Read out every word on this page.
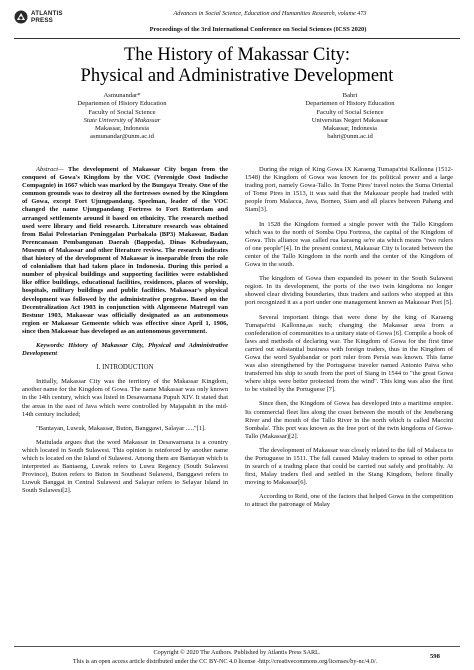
ATLANTIS
PRESS
Advances in Social Science, Education and Humanities Research, volume 473
Proceedings of the 3rd International Conference on Social Sciences (ICSS 2020)
The History of Makassar City:
Physical and Administrative Development
Asmunandar*
Departemen of History Education
Faculty of Social Science
State University of Makassar
Makassar, Indonesia
asmunandar@unm.ac.id
Bahri
Departemen of History Education
Faculty of Social Science
Universitas Negeri Makassar
Makassar, Indonesia
bahri@unm.ac.id

Abstract— The development of Makassar City began from the conquest of Gowa's Kingdom by the VOC (Verenigde Oost Indische Compagnie) in 1667 which was marked by the Bungaya Treaty. One of the common grounds was to destroy all the fortresses owned by the Kingdom of Gowa, except Fort Ujungpandang. Speelman, leader of the VOC changed the name Ujungpandang Fortress to Fort Rotterdam and arranged settlements around it based on ethnicity. The research method used were library and field research. Literature research was obtained from Balai Pelestarian Peninggalan Purbakala (BP3) Makassar, Badan Perencanaan Pembangunan Daerah (Bappeda), Dinas Kebudayaan, Museum of Makassar and other literature review. The research indicates that history of the development of Makassar is inseparable from the role of colonialism that had taken place in Indonesia. During this period a number of physical buildings and supporting facilities were established like office buildings, educational facilities, residences, places of worship, hospitals, military buildings and public facilities. Makassar's physical development was followed by the administrative progress. Based on the Decentralization Act 1903 in conjunction with Algemeene Matregel van Bestuur 1903, Makassar was officially designated as an autonomous region or Makassar Gemeente which was effective since April 1, 1906, since then Makassar has developed as an autonomous government.

Keywords: History of Makassar City, Physical and Administrative Development

I. INTRODUCTION

Initially, Makassar City was the territory of the Makassar Kingdom, another name for the Kingdom of Gowa. The name Makassar was only known in the 14th century, which was listed in Desawarnana Pupuh XIV. It stated that the areas in the east of Java which were controlled by Majapahit in the mid-14th century included;

"Bantayan, Luwuk, Makassar, Buton, Banggawi, Salayar ....."[1].

Mattulada argues that the word Makassar in Desawarnana is a country which located in South Sulawesi. This opinion is reinforced by another name which is located on the Island of Sulawesi. Among them are Bantayan which is interpreted as Bantaeng, Luwuk refers to Luwu Regency (South Sulawesi Province), Buton refers to Buton in Southeast Sulawesi, Banggawi refers to Luwuk Banggai in Central Sulawesi and Salayar refers to Selayar Island in South Sulawesi[2].

During the reign of King Gowa IX Karaeng Tumapa'risi Kallonna (1512-1548) the Kingdom of Gowa was known for its political power and a large trading port, namely Gowa-Tallo. In Tome Pires' travel notes the Suma Oriental of Tome Pires in 1513, it was said that the Makassar people had traded with people from Malacca, Java, Borneo, Siam and all places between Pahang and Siam[3].

In 1528 the Kingdom formed a single power with the Tallo Kingdom which was to the north of Somba Opu Fortress, the capital of the Kingdom of Gowa. This alliance was called rua karaeng se're ata which means "two rulers of one people"[4]. In the present context, Makassar City is located between the center of the Tallo Kingdom in the north and the center of the Kingdom of Gowa in the south.

The kingdom of Gowa then expanded its power in the South Sulawesi region. In its development, the ports of the two twin kingdoms no longer showed clear dividing boundaries, thus traders and sailors who stopped at this port recognized it as a port under one management known as Makassar Port [5].

Several important things that were done by the king of Karaeng Tumapa'risi Kallonna,as such; changing the Makassar area from a confederation of communities to a unitary state of Gowa [6]. Compile a book of laws and methods of declaring war. The Kingdom of Gowa for the first time carried out substantial business with foreign traders, thus in the Kingdom of Gowa the word Syahbandar or port ruler from Persia was known. This fame was also strengthened by the Portuguese traveler named Antonio Paiva who transferred his ship to south from the port of Siang in 1544 to "the great Gowa where ships were better protected from the wind". This king was also the first to be visited by the Portuguese [7].

Since then, the Kingdom of Gowa has developed into a maritime empire. Its commercial fleet lies along the coast between the mouth of the Jeneberang River and the mouth of the Tallo River in the north which is called Maccini Sombala'. This port was known as the free port of the twin kingdoms of Gowa-Tallo (Makassar)[2].

The development of Makassar was closely related to the fall of Malacca to the Portuguese in 1511. The fall caused Malay traders to spread to other ports in search of a trading place that could be carried out safely and profitably. At first, Malay traders fled and settled in the Siang Kingdom, before finally moving to Makassar[6].

According to Reid, one of the factors that helped Gowa in the competition to attract the patronage of Malay

Copyright © 2020 The Authors. Published by Atlantis Press SARL.
This is an open access article distributed under the CC BY-NC 4.0 license -http://creativecommons.org/licenses/by-nc/4.0/.
598
